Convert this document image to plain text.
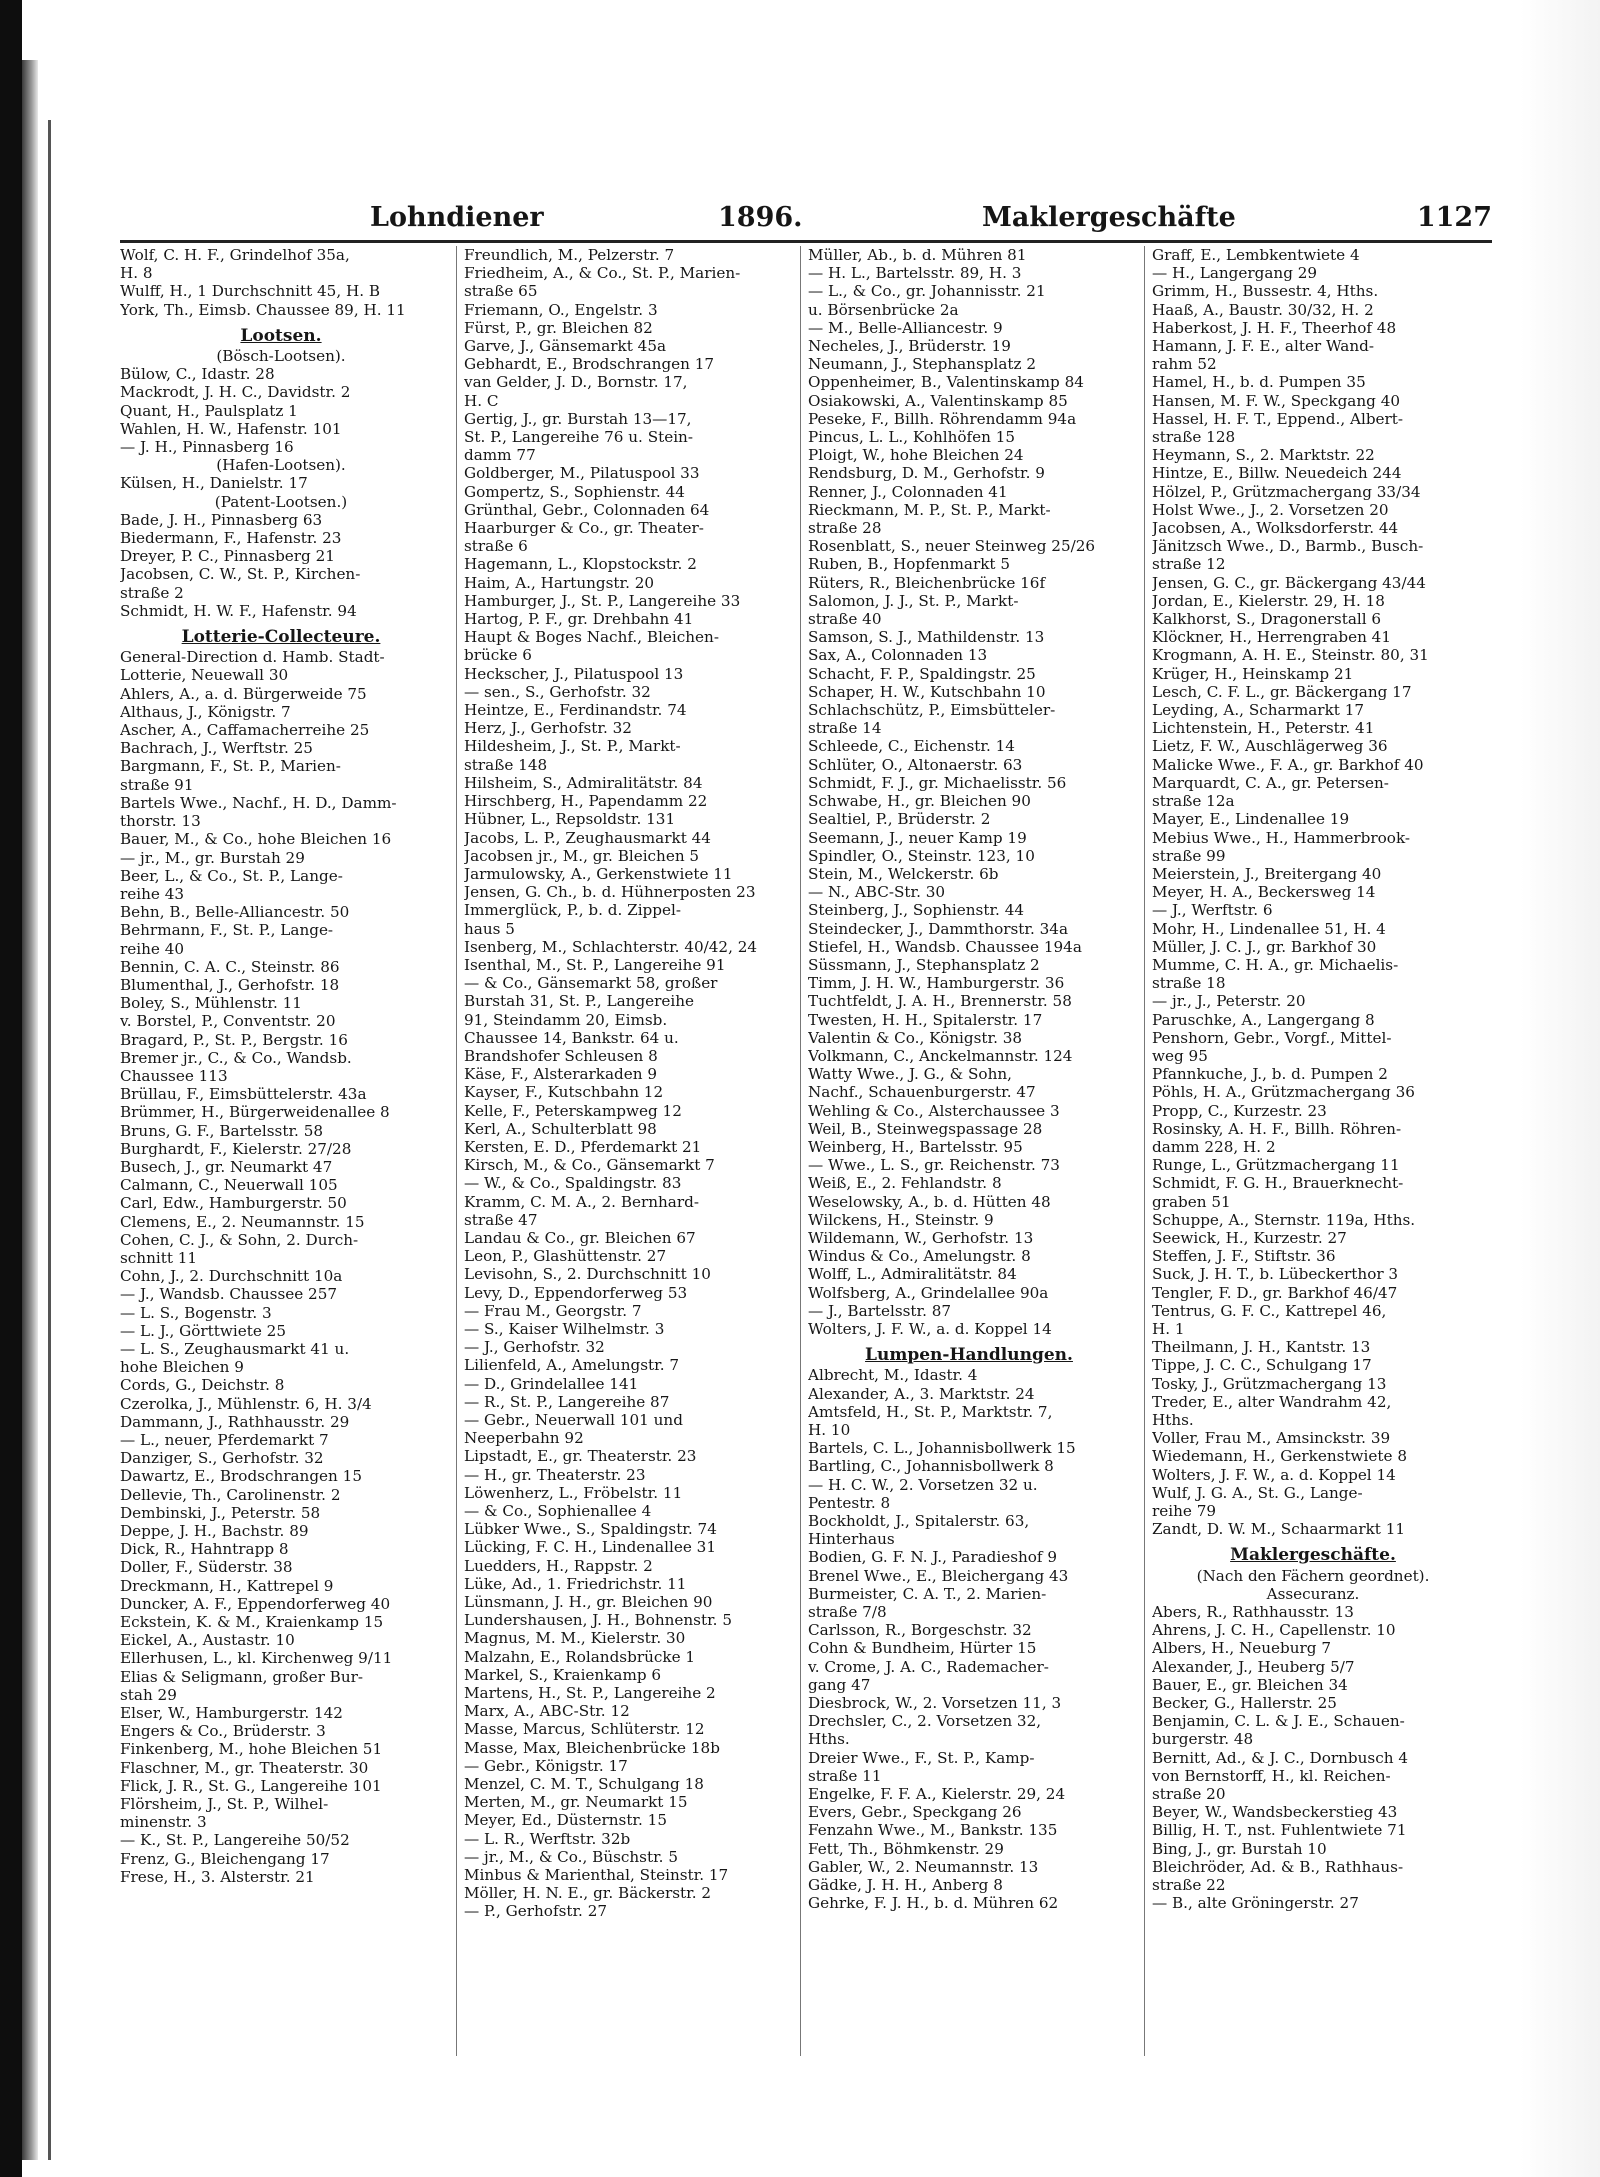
Lohndiener	1896.	Maklergeschäfte	1127
Wolf, C. H. F., Grindelhof 35a,
H. 8
Wulff, H., 1 Durchschnitt 45, H. B
York, Th., Eimsb. Chaussee 89, H. 11
Lootsen.
(Bösch-Lootsen).
Bülow, C., Idastr. 28
Mackrodt, J. H. C., Davidstr. 2
Quant, H., Paulsplatz 1
Wahlen, H. W., Hafenstr. 101
— J. H., Pinnasberg 16
(Hafen-Lootsen).
Külsen, H., Danielstr. 17
(Patent-Lootsen.)
Bade, J. H., Pinnasberg 63
Biedermann, F., Hafenstr. 23
Dreyer, P. C., Pinnasberg 21
Jacobsen, C. W., St. P., Kirchen-
straße 2
Schmidt, H. W. F., Hafenstr. 94
Lotterie-Collecteure.
General-Direction d. Hamb. Stadt-
Lotterie, Neuewall 30
Ahlers, A., a. d. Bürgerweide 75
Althaus, J., Königstr. 7
Ascher, A., Caffamacherreihe 25
Bachrach, J., Werftstr. 25
Bargmann, F., St. P., Marien-
straße 91
Bartels Wwe., Nachf., H. D., Damm-
thorstr. 13
Bauer, M., & Co., hohe Bleichen 16
— jr., M., gr. Burstah 29
Beer, L., & Co., St. P., Lange-
reihe 43
Behn, B., Belle-Alliancestr. 50
Behrmann, F., St. P., Lange-
reihe 40
Bennin, C. A. C., Steinstr. 86
Blumenthal, J., Gerhofstr. 18
Boley, S., Mühlenstr. 11
v. Borstel, P., Conventstr. 20
Bragard, P., St. P., Bergstr. 16
Bremer jr., C., & Co., Wandsb.
Chaussee 113
Brüllau, F., Eimsbüttelerstr. 43a
Brümmer, H., Bürgerweidenallee 8
Bruns, G. F., Bartelsstr. 58
Burghardt, F., Kielerstr. 27/28
Busech, J., gr. Neumarkt 47
Calmann, C., Neuerwall 105
Carl, Edw., Hamburgerstr. 50
Clemens, E., 2. Neumannstr. 15
Cohen, C. J., & Sohn, 2. Durch-
schnitt 11
Cohn, J., 2. Durchschnitt 10a
— J., Wandsb. Chaussee 257
— L. S., Bogenstr. 3
— L. J., Görttwiete 25
— L. S., Zeughausmarkt 41 u.
hohe Bleichen 9
Cords, G., Deichstr. 8
Czerolka, J., Mühlenstr. 6, H. 3/4
Dammann, J., Rathhausstr. 29
— L., neuer, Pferdemarkt 7
Danziger, S., Gerhofstr. 32
Dawartz, E., Brodschrangen 15
Dellevie, Th., Carolinenstr. 2
Dembinski, J., Peterstr. 58
Deppe, J. H., Bachstr. 89
Dick, R., Hahntrapp 8
Doller, F., Süderstr. 38
Dreckmann, H., Kattrepel 9
Duncker, A. F., Eppendorferweg 40
Eckstein, K. & M., Kraienkamp 15
Eickel, A., Austastr. 10
Ellerhusen, L., kl. Kirchenweg 9/11
Elias & Seligmann, großer Bur-
stah 29
Elser, W., Hamburgerstr. 142
Engers & Co., Brüderstr. 3
Finkenberg, M., hohe Bleichen 51
Flaschner, M., gr. Theaterstr. 30
Flick, J. R., St. G., Langereihe 101
Flörsheim, J., St. P., Wilhel-
minenstr. 3
— K., St. P., Langereihe 50/52
Frenz, G., Bleichengang 17
Frese, H., 3. Alsterstr. 21
Freundlich, M., Pelzerstr. 7
Friedheim, A., & Co., St. P., Marien-
straße 65
Friemann, O., Engelstr. 3
Fürst, P., gr. Bleichen 82
Garve, J., Gänsemarkt 45a
Gebhardt, E., Brodschrangen 17
van Gelder, J. D., Bornstr. 17,
H. C
Gertig, J., gr. Burstah 13—17,
St. P., Langereihe 76 u. Stein-
damm 77
Goldberger, M., Pilatuspool 33
Gompertz, S., Sophienstr. 44
Grünthal, Gebr., Colonnaden 64
Haarburger & Co., gr. Theater-
straße 6
Hagemann, L., Klopstockstr. 2
Haim, A., Hartungstr. 20
Hamburger, J., St. P., Langereihe 33
Hartog, P. F., gr. Drehbahn 41
Haupt & Boges Nachf., Bleichen-
brücke 6
Heckscher, J., Pilatuspool 13
— sen., S., Gerhofstr. 32
Heintze, E., Ferdinandstr. 74
Herz, J., Gerhofstr. 32
Hildesheim, J., St. P., Markt-
straße 148
Hilsheim, S., Admiralitätstr. 84
Hirschberg, H., Papendamm 22
Hübner, L., Repsoldstr. 131
Jacobs, L. P., Zeughausmarkt 44
Jacobsen jr., M., gr. Bleichen 5
Jarmulowsky, A., Gerkenstwiete 11
Jensen, G. Ch., b. d. Hühnerposten 23
Immerglück, P., b. d. Zippel-
haus 5
Isenberg, M., Schlachterstr. 40/42, 24
Isenthal, M., St. P., Langereihe 91
— & Co., Gänsemarkt 58, großer
Burstah 31, St. P., Langereihe
91, Steindamm 20, Eimsb.
Chaussee 14, Bankstr. 64 u.
Brandshofer Schleusen 8
Käse, F., Alsterarkaden 9
Kayser, F., Kutschbahn 12
Kelle, F., Peterskampweg 12
Kerl, A., Schulterblatt 98
Kersten, E. D., Pferdemarkt 21
Kirsch, M., & Co., Gänsemarkt 7
— W., & Co., Spaldingstr. 83
Kramm, C. M. A., 2. Bernhard-
straße 47
Landau & Co., gr. Bleichen 67
Leon, P., Glashüttenstr. 27
Levisohn, S., 2. Durchschnitt 10
Levy, D., Eppendorferweg 53
— Frau M., Georgstr. 7
— S., Kaiser Wilhelmstr. 3
— J., Gerhofstr. 32
Lilienfeld, A., Amelungstr. 7
— D., Grindelallee 141
— R., St. P., Langereihe 87
— Gebr., Neuerwall 101 und
Neeperbahn 92
Lipstadt, E., gr. Theaterstr. 23
— H., gr. Theaterstr. 23
Löwenherz, L., Fröbelstr. 11
— & Co., Sophienallee 4
Lübker Wwe., S., Spaldingstr. 74
Lücking, F. C. H., Lindenallee 31
Luedders, H., Rappstr. 2
Lüke, Ad., 1. Friedrichstr. 11
Lünsmann, J. H., gr. Bleichen 90
Lundershausen, J. H., Bohnenstr. 5
Magnus, M. M., Kielerstr. 30
Malzahn, E., Rolandsbrücke 1
Markel, S., Kraienkamp 6
Martens, H., St. P., Langereihe 2
Marx, A., ABC-Str. 12
Masse, Marcus, Schlüterstr. 12
Masse, Max, Bleichenbrücke 18b
— Gebr., Königstr. 17
Menzel, C. M. T., Schulgang 18
Merten, M., gr. Neumarkt 15
Meyer, Ed., Düsternstr. 15
— L. R., Werftstr. 32b
— jr., M., & Co., Büschstr. 5
Minbus & Marienthal, Steinstr. 17
Möller, H. N. E., gr. Bäckerstr. 2
— P., Gerhofstr. 27
Müller, Ab., b. d. Mühren 81
— H. L., Bartelsstr. 89, H. 3
— L., & Co., gr. Johannisstr. 21
u. Börsenbrücke 2a
— M., Belle-Alliancestr. 9
Necheles, J., Brüderstr. 19
Neumann, J., Stephansplatz 2
Oppenheimer, B., Valentinskamp 84
Osiakowski, A., Valentinskamp 85
Peseke, F., Billh. Röhrendamm 94a
Pincus, L. L., Kohlhöfen 15
Ploigt, W., hohe Bleichen 24
Rendsburg, D. M., Gerhofstr. 9
Renner, J., Colonnaden 41
Rieckmann, M. P., St. P., Markt-
straße 28
Rosenblatt, S., neuer Steinweg 25/26
Ruben, B., Hopfenmarkt 5
Rüters, R., Bleichenbrücke 16f
Salomon, J. J., St. P., Markt-
straße 40
Samson, S. J., Mathildenstr. 13
Sax, A., Colonnaden 13
Schacht, F. P., Spaldingstr. 25
Schaper, H. W., Kutschbahn 10
Schlachschütz, P., Eimsbütteler-
straße 14
Schleede, C., Eichenstr. 14
Schlüter, O., Altonaerstr. 63
Schmidt, F. J., gr. Michaelisstr. 56
Schwabe, H., gr. Bleichen 90
Sealtiel, P., Brüderstr. 2
Seemann, J., neuer Kamp 19
Spindler, O., Steinstr. 123, 10
Stein, M., Welckerstr. 6b
— N., ABC-Str. 30
Steinberg, J., Sophienstr. 44
Steindecker, J., Dammthorstr. 34a
Stiefel, H., Wandsb. Chaussee 194a
Süssmann, J., Stephansplatz 2
Timm, J. H. W., Hamburgerstr. 36
Tuchtfeldt, J. A. H., Brennerstr. 58
Twesten, H. H., Spitalerstr. 17
Valentin & Co., Königstr. 38
Volkmann, C., Anckelmannstr. 124
Watty Wwe., J. G., & Sohn,
Nachf., Schauenburgerstr. 47
Wehling & Co., Alsterchaussee 3
Weil, B., Steinwegspassage 28
Weinberg, H., Bartelsstr. 95
— Wwe., L. S., gr. Reichenstr. 73
Weiß, E., 2. Fehlandstr. 8
Weselowsky, A., b. d. Hütten 48
Wilckens, H., Steinstr. 9
Wildemann, W., Gerhofstr. 13
Windus & Co., Amelungstr. 8
Wolff, L., Admiralitätstr. 84
Wolfsberg, A., Grindelallee 90a
— J., Bartelsstr. 87
Wolters, J. F. W., a. d. Koppel 14
Lumpen-Handlungen.
Albrecht, M., Idastr. 4
Alexander, A., 3. Marktstr. 24
Amtsfeld, H., St. P., Marktstr. 7,
H. 10
Bartels, C. L., Johannisbollwerk 15
Bartling, C., Johannisbollwerk 8
— H. C. W., 2. Vorsetzen 32 u.
Pentestr. 8
Bockholdt, J., Spitalerstr. 63,
Hinterhaus
Bodien, G. F. N. J., Paradieshof 9
Brenel Wwe., E., Bleichergang 43
Burmeister, C. A. T., 2. Marien-
straße 7/8
Carlsson, R., Borgeschstr. 32
Cohn & Bundheim, Hürter 15
v. Crome, J. A. C., Rademacher-
gang 47
Diesbrock, W., 2. Vorsetzen 11, 3
Drechsler, C., 2. Vorsetzen 32,
Hths.
Dreier Wwe., F., St. P., Kamp-
straße 11
Engelke, F. F. A., Kielerstr. 29, 24
Evers, Gebr., Speckgang 26
Fenzahn Wwe., M., Bankstr. 135
Fett, Th., Böhmkenstr. 29
Gabler, W., 2. Neumannstr. 13
Gädke, J. H. H., Anberg 8
Gehrke, F. J. H., b. d. Mühren 62
Graff, E., Lembkentwiete 4
— H., Langergang 29
Grimm, H., Bussestr. 4, Hths.
Haaß, A., Baustr. 30/32, H. 2
Haberkost, J. H. F., Theerhof 48
Hamann, J. F. E., alter Wand-
rahm 52
Hamel, H., b. d. Pumpen 35
Hansen, M. F. W., Speckgang 40
Hassel, H. F. T., Eppend., Albert-
straße 128
Heymann, S., 2. Marktstr. 22
Hintze, E., Billw. Neuedeich 244
Hölzel, P., Grützmachergang 33/34
Holst Wwe., J., 2. Vorsetzen 20
Jacobsen, A., Wolksdorferstr. 44
Jänitzsch Wwe., D., Barmb., Busch-
straße 12
Jensen, G. C., gr. Bäckergang 43/44
Jordan, E., Kielerstr. 29, H. 18
Kalkhorst, S., Dragonerstall 6
Klöckner, H., Herrengraben 41
Krogmann, A. H. E., Steinstr. 80, 31
Krüger, H., Heinskamp 21
Lesch, C. F. L., gr. Bäckergang 17
Leyding, A., Scharmarkt 17
Lichtenstein, H., Peterstr. 41
Lietz, F. W., Auschlägerweg 36
Malicke Wwe., F. A., gr. Barkhof 40
Marquardt, C. A., gr. Petersen-
straße 12a
Mayer, E., Lindenallee 19
Mebius Wwe., H., Hammerbrook-
straße 99
Meierstein, J., Breitergang 40
Meyer, H. A., Beckersweg 14
— J., Werftstr. 6
Mohr, H., Lindenallee 51, H. 4
Müller, J. C. J., gr. Barkhof 30
Mumme, C. H. A., gr. Michaelis-
straße 18
— jr., J., Peterstr. 20
Paruschke, A., Langergang 8
Penshorn, Gebr., Vorgf., Mittel-
weg 95
Pfannkuche, J., b. d. Pumpen 2
Pöhls, H. A., Grützmachergang 36
Propp, C., Kurzestr. 23
Rosinsky, A. H. F., Billh. Röhren-
damm 228, H. 2
Runge, L., Grützmachergang 11
Schmidt, F. G. H., Brauerknecht-
graben 51
Schuppe, A., Sternstr. 119a, Hths.
Seewick, H., Kurzestr. 27
Steffen, J. F., Stiftstr. 36
Suck, J. H. T., b. Lübeckerthor 3
Tengler, F. D., gr. Barkhof 46/47
Tentrus, G. F. C., Kattrepel 46,
H. 1
Theilmann, J. H., Kantstr. 13
Tippe, J. C. C., Schulgang 17
Tosky, J., Grützmachergang 13
Treder, E., alter Wandrahm 42,
Hths.
Voller, Frau M., Amsinckstr. 39
Wiedemann, H., Gerkenstwiete 8
Wolters, J. F. W., a. d. Koppel 14
Wulf, J. G. A., St. G., Lange-
reihe 79
Zandt, D. W. M., Schaarmarkt 11
Maklergeschäfte.
(Nach den Fächern geordnet).
Assecuranz.
Abers, R., Rathhausstr. 13
Ahrens, J. C. H., Capellenstr. 10
Albers, H., Neueburg 7
Alexander, J., Heuberg 5/7
Bauer, E., gr. Bleichen 34
Becker, G., Hallerstr. 25
Benjamin, C. L. & J. E., Schauen-
burgerstr. 48
Bernitt, Ad., & J. C., Dornbusch 4
von Bernstorff, H., kl. Reichen-
straße 20
Beyer, W., Wandsbeckerstieg 43
Billig, H. T., nst. Fuhlentwiete 71
Bing, J., gr. Burstah 10
Bleichröder, Ad. & B., Rathhaus-
straße 22
— B., alte Gröningerstr. 27
